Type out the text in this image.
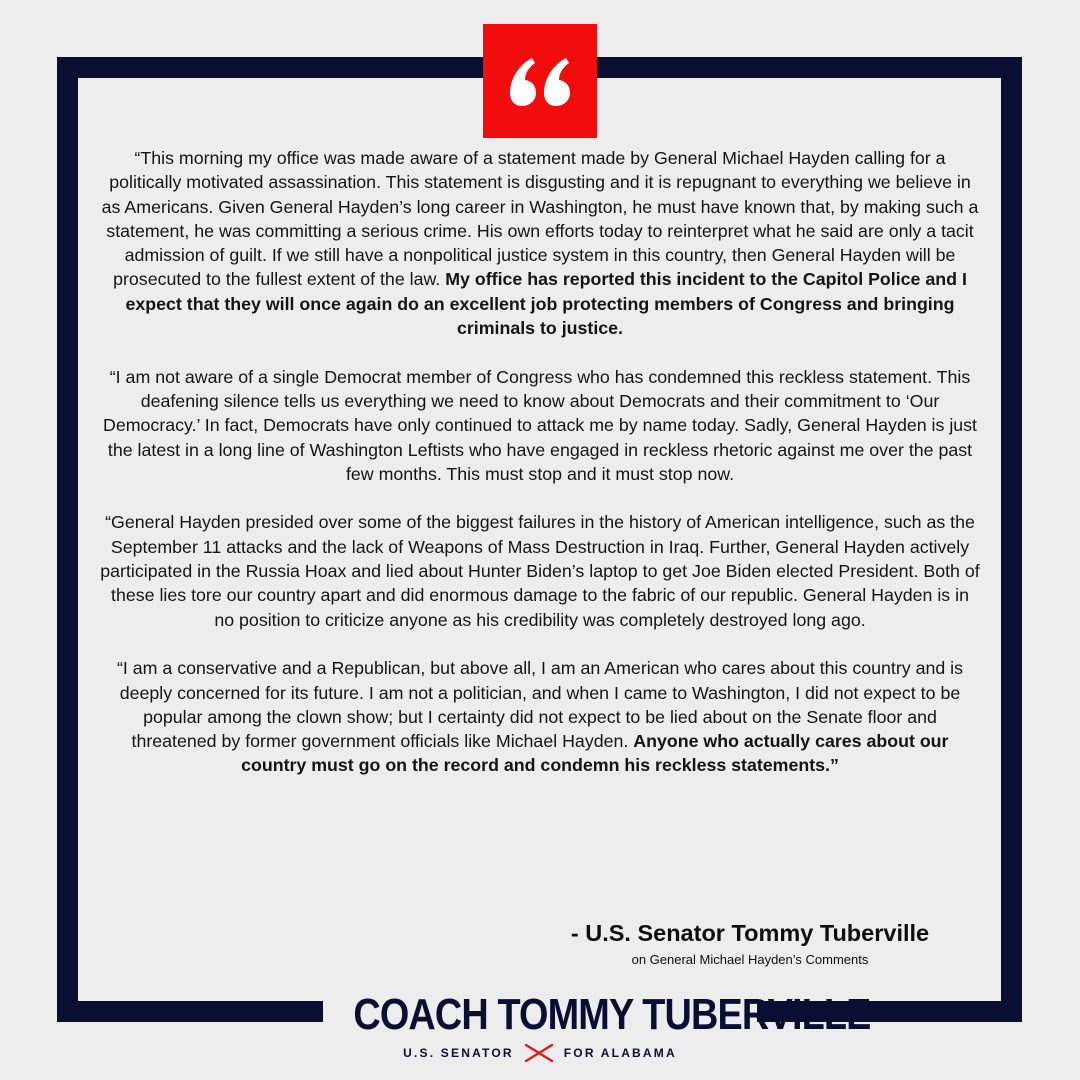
“This morning my office was made aware of a statement made by General Michael Hayden calling for a politically motivated assassination. This statement is disgusting and it is repugnant to everything we believe in as Americans. Given General Hayden’s long career in Washington, he must have known that, by making such a statement, he was committing a serious crime. His own efforts today to reinterpret what he said are only a tacit admission of guilt. If we still have a nonpolitical justice system in this country, then General Hayden will be prosecuted to the fullest extent of the law. My office has reported this incident to the Capitol Police and I expect that they will once again do an excellent job protecting members of Congress and bringing criminals to justice.

“I am not aware of a single Democrat member of Congress who has condemned this reckless statement. This deafening silence tells us everything we need to know about Democrats and their commitment to ‘Our Democracy.’ In fact, Democrats have only continued to attack me by name today. Sadly, General Hayden is just the latest in a long line of Washington Leftists who have engaged in reckless rhetoric against me over the past few months. This must stop and it must stop now.

“General Hayden presided over some of the biggest failures in the history of American intelligence, such as the September 11 attacks and the lack of Weapons of Mass Destruction in Iraq. Further, General Hayden actively participated in the Russia Hoax and lied about Hunter Biden’s laptop to get Joe Biden elected President. Both of these lies tore our country apart and did enormous damage to the fabric of our republic. General Hayden is in no position to criticize anyone as his credibility was completely destroyed long ago.

“I am a conservative and a Republican, but above all, I am an American who cares about this country and is deeply concerned for its future. I am not a politician, and when I came to Washington, I did not expect to be popular among the clown show; but I certainty did not expect to be lied about on the Senate floor and threatened by former government officials like Michael Hayden. Anyone who actually cares about our country must go on the record and condemn his reckless statements.”

- U.S. Senator Tommy Tuberville
on General Michael Hayden’s Comments
COACH TOMMY TUBERVILLE
U.S. SENATOR	FOR ALABAMA
